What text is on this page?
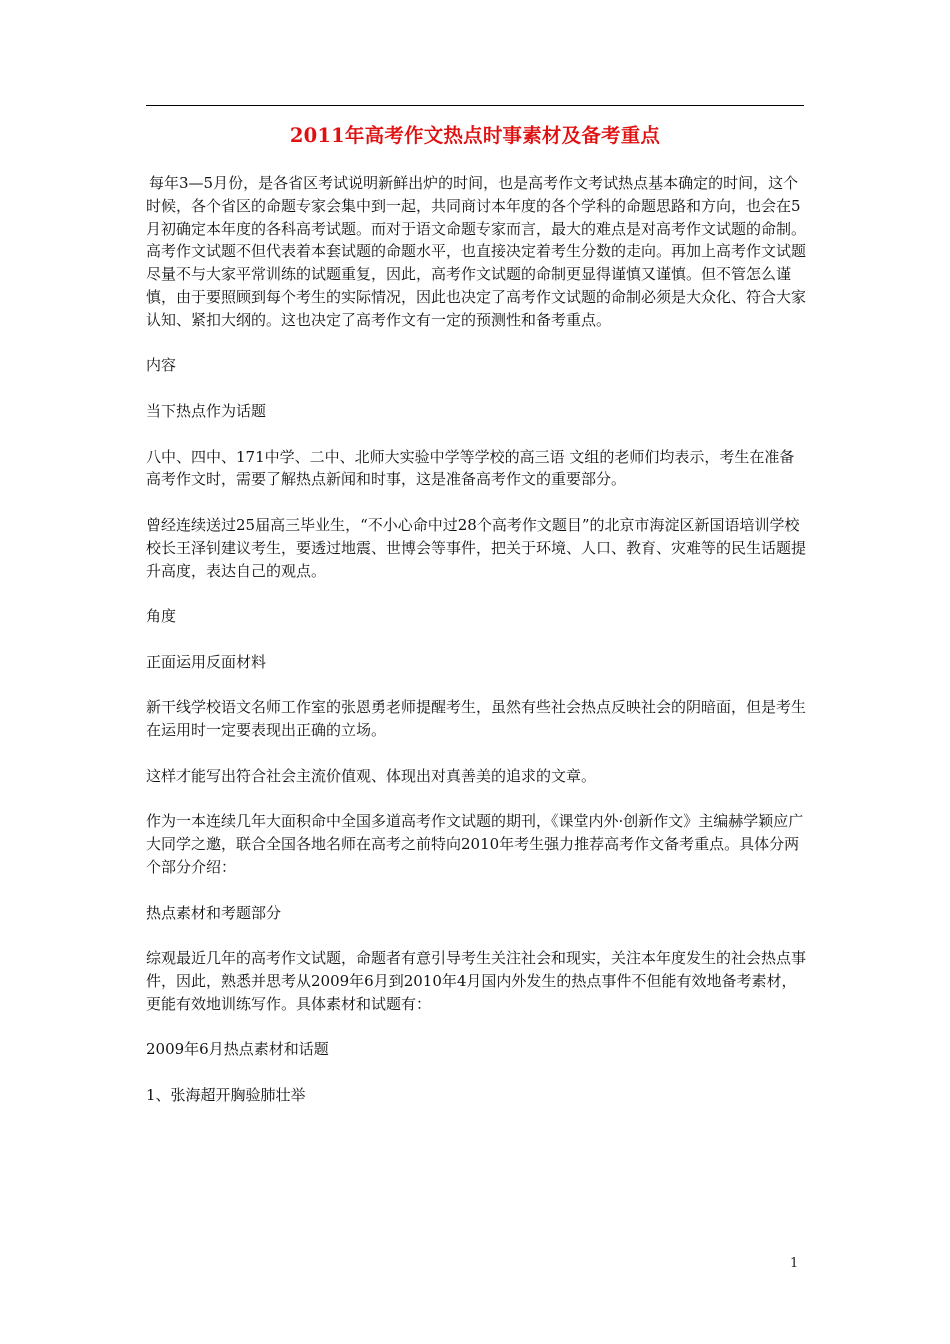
2011年高考作文热点时事素材及备考重点

每年3—5月份，是各省区考试说明新鲜出炉的时间，也是高考作文考试热点基本确定的时间，这个时候，各个省区的命题专家会集中到一起，共同商讨本年度的各个学科的命题思路和方向，也会在5月初确定本年度的各科高考试题。而对于语文命题专家而言，最大的难点是对高考作文试题的命制。高考作文试题不但代表着本套试题的命题水平，也直接决定着考生分数的走向。再加上高考作文试题尽量不与大家平常训练的试题重复，因此，高考作文试题的命制更显得谨慎又谨慎。但不管怎么谨慎，由于要照顾到每个考生的实际情况，因此也决定了高考作文试题的命制必须是大众化、符合大家认知、紧扣大纲的。这也决定了高考作文有一定的预测性和备考重点。

内容

当下热点作为话题

八中、四中、171中学、二中、北师大实验中学等学校的高三语 文组的老师们均表示，考生在准备高考作文时，需要了解热点新闻和时事，这是准备高考作文的重要部分。

曾经连续送过25届高三毕业生，“不小心命中过28个高考作文题目”的北京市海淀区新国语培训学校校长王泽钊建议考生，要透过地震、世博会等事件，把关于环境、人口、教育、灾难等的民生话题提升高度，表达自己的观点。

角度

正面运用反面材料

新干线学校语文名师工作室的张恩勇老师提醒考生，虽然有些社会热点反映社会的阴暗面，但是考生在运用时一定要表现出正确的立场。

这样才能写出符合社会主流价值观、体现出对真善美的追求的文章。

作为一本连续几年大面积命中全国多道高考作文试题的期刊，《课堂内外·创新作文》主编赫学颖应广大同学之邀，联合全国各地名师在高考之前特向2010年考生强力推荐高考作文备考重点。具体分两个部分介绍：

热点素材和考题部分

综观最近几年的高考作文试题，命题者有意引导考生关注社会和现实，关注本年度发生的社会热点事件，因此，熟悉并思考从2009年6月到2010年4月国内外发生的热点事件不但能有效地备考素材，更能有效地训练写作。具体素材和试题有：

2009年6月热点素材和话题

1、张海超开胸验肺壮举

1
